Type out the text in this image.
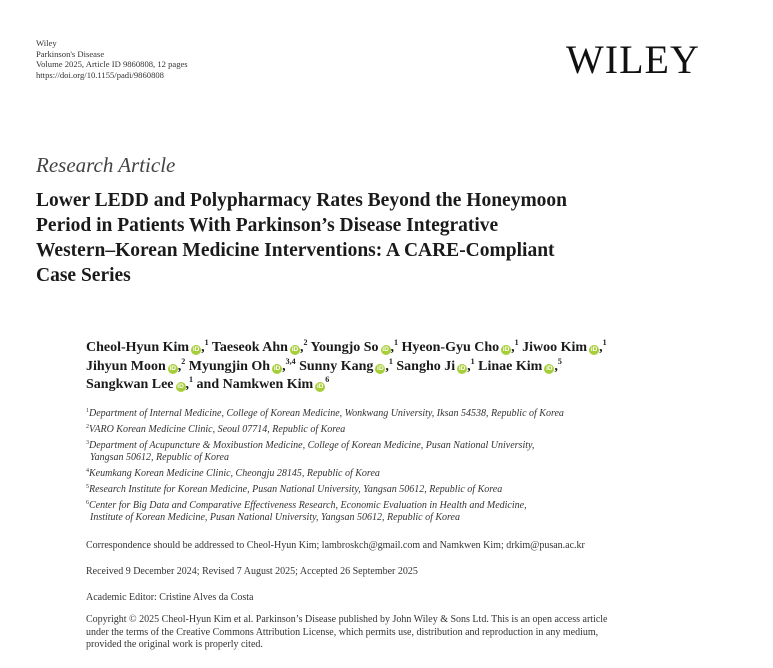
Wiley
Parkinson's Disease
Volume 2025, Article ID 9860808, 12 pages
https://doi.org/10.1155/padi/9860808	WILEY
Research Article
Lower LEDD and Polypharmacy Rates Beyond the Honeymoon
Period in Patients With Parkinson’s Disease Integrative
Western–Korean Medicine Interventions: A CARE-Compliant
Case Series
Cheol-Hyun Kim iD ,$^1$ Taeseok Ahn iD ,$^2$ Youngjo So iD ,$^1$ Hyeon-Gyu Cho iD ,$^1$ Jiwoo Kim iD ,$^1$
Jihyun Moon iD ,$^2$ Myungjin Oh iD ,$^{3,4}$ Sunny Kang iD ,$^1$ Sangho Ji iD ,$^1$ Linae Kim iD ,$^5$
Sangkwan Lee iD ,$^1$ and Namkwen Kim $iD^6$
$^1$Department of Internal Medicine, College of Korean Medicine, Wonkwang University, Iksan 54538, Republic of Korea
$^2$VARO Korean Medicine Clinic, Seoul 07714, Republic of Korea
$^3$Department of Acupuncture & Moxibustion Medicine, College of Korean Medicine, Pusan National University,
Yangsan 50612, Republic of Korea
$^4$Keumkang Korean Medicine Clinic, Cheongju 28145, Republic of Korea
$^5$Research Institute for Korean Medicine, Pusan National University, Yangsan 50612, Republic of Korea
$^6$Center for Big Data and Comparative Effectiveness Research, Economic Evaluation in Health and Medicine,
Institute of Korean Medicine, Pusan National University, Yangsan 50612, Republic of Korea
Correspondence should be addressed to Cheol-Hyun Kim; lambroskch@gmail.com and Namkwen Kim; drkim@pusan.ac.kr
Received 9 December 2024; Revised 7 August 2025; Accepted 26 September 2025
Academic Editor: Cristine Alves da Costa
Copyright © 2025 Cheol-Hyun Kim et al. Parkinson’s Disease published by John Wiley & Sons Ltd. This is an open access article
under the terms of the Creative Commons Attribution License, which permits use, distribution and reproduction in any medium,
provided the original work is properly cited.
